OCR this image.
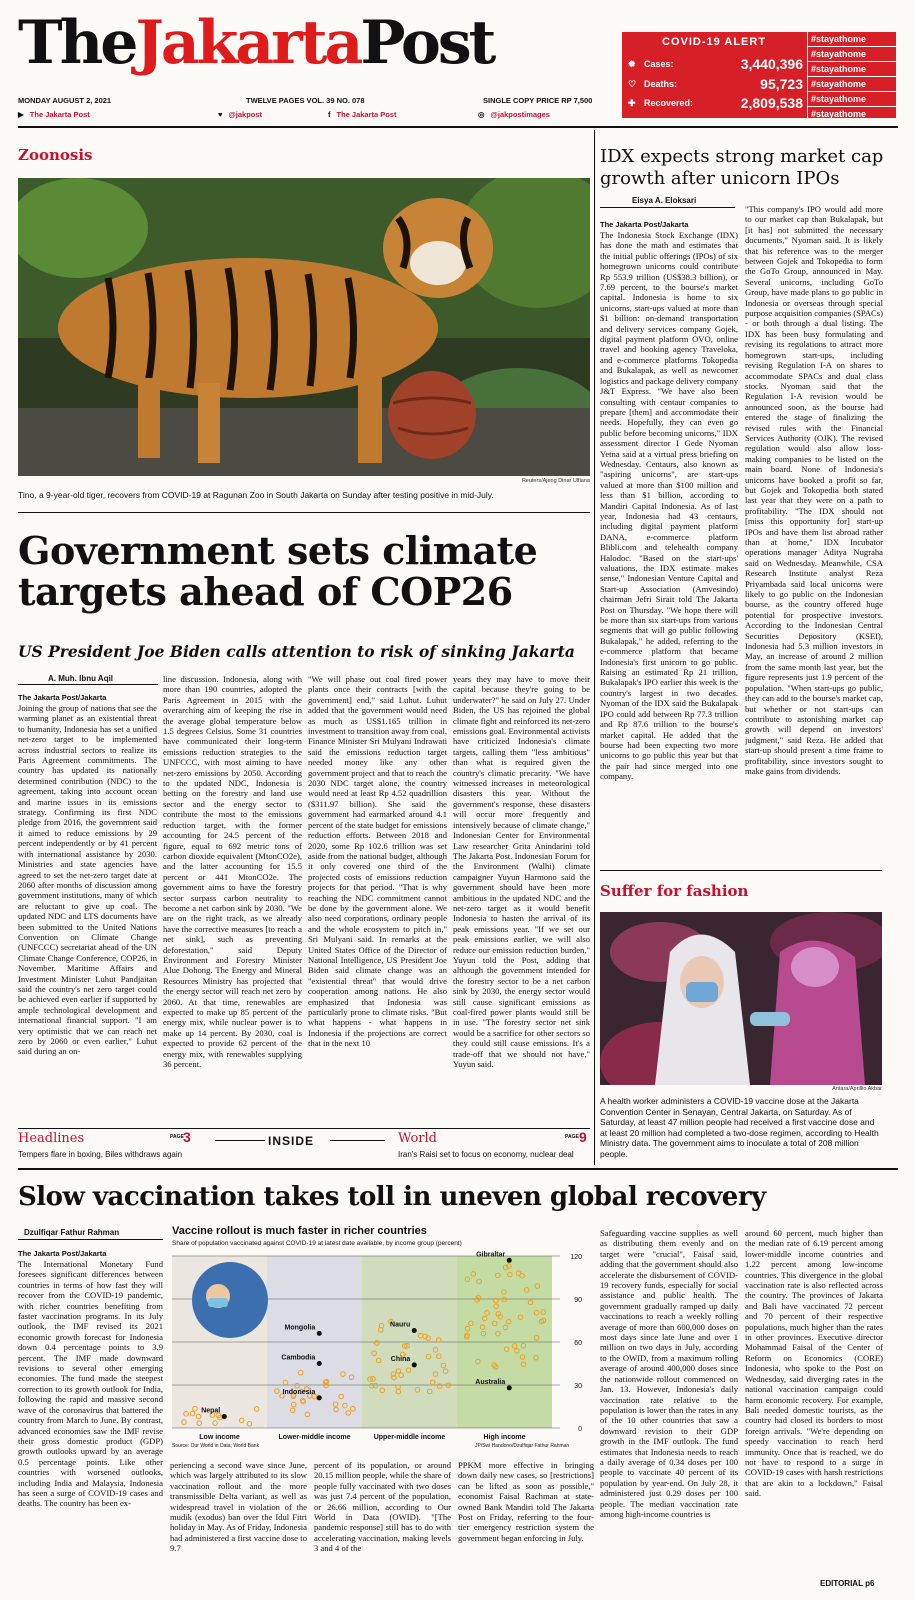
TheJakartaPost
MONDAY AUGUST 2, 2021	TWELVE PAGES VOL. 39 NO. 078	SINGLE COPY PRICE RP 7,500
▶ The Jakarta Post	♥ @jakpost	f The Jakarta Post	◎ @jakpostimages
COVID-19 ALERT
✹ Cases:	3,440,396
♡ Deaths:	95,723
✚ Recovered:	2,809,538
#stayathome
#stayathome
#stayathome
#stayathome
#stayathome
#stayathome
Zoonosis
Reuters/Ajeng Dinar Ulfiana
Tino, a 9-year-old tiger, recovers from COVID-19 at Ragunan Zoo in South Jakarta on Sunday after testing positive in mid-July.
Government sets climate
targets ahead of COP26
US President Joe Biden calls attention to risk of sinking Jakarta
A. Muh. Ibnu Aqil
The Jakarta Post/Jakarta

Joining the group of nations that see the warming planet as an existential threat to humanity, Indonesia has set a unified net-zero target to be implemented across industrial sectors to realize its Paris Agreement commitments. The country has updated its nationally determined contribution (NDC) to the agreement, taking into account ocean and marine issues in its emissions strategy. Confirming its first NDC pledge from 2016, the government said it aimed to reduce emissions by 29 percent independently or by 41 percent with international assistance by 2030. Ministries and state agencies have agreed to set the net-zero target date at 2060 after months of discussion among government institutions, many of which are reluctant to give up coal. The updated NDC and LTS documents have been submitted to the United Nations Convention on Climate Change (UNFCCC) secretariat ahead of the UN Climate Change Conference, COP26, in November. Maritime Affairs and Investment Minister Luhut Pandjaitan said the country's net zero target could be achieved even earlier if supported by ample technological development and international financial support. "I am very optimistic that we can reach net zero by 2060 or even earlier," Luhut said during an on-

line discussion. Indonesia, along with more than 190 countries, adopted the Paris Agreement in 2015 with the overarching aim of keeping the rise in the average global temperature below 1.5 degrees Celsius. Some 31 countries have communicated their long-term emissions reduction strategies to the UNFCCC, with most aiming to have net-zero emissions by 2050. According to the updated NDC, Indonesia is betting on the forestry and land use sector and the energy sector to contribute the most to the emissions reduction target, with the former accounting for 24.5 percent of the figure, equal to 692 metric tons of carbon dioxide equivalent (MtonCO2e), and the latter accounting for 15.5 percent or 441 MtonCO2e. The government aims to have the forestry sector surpass carbon neutrality to become a net carbon sink by 2030. "We are on the right track, as we already have the corrective measures [to reach a net sink], such as preventing deforestation," said Deputy Environment and Forestry Minister Alue Dohong. The Energy and Mineral Resources Ministry has projected that the energy sector will reach net zero by 2060. At that time, renewables are expected to make up 85 percent of the energy mix, while nuclear power is to make up 14 percent. By 2030, coal is expected to provide 62 percent of the energy mix, with renewables supplying 36 percent.

"We will phase out coal fired power plants once their contracts [with the government] end," said Luhut. Luhut added that the government would need as much as US$1.165 trillion in investment to transition away from coal. Finance Minister Sri Mulyani Indrawati said the emissions reduction target needed money like any other government project and that to reach the 2030 NDC target alone, the country would need at least Rp 4.52 quadrillion ($311.97 billion). She said the government had earmarked around 4.1 percent of the state budget for emissions reduction efforts. Between 2018 and 2020, some Rp 102.6 trillion was set aside from the national budget, although it only covered one third of the projected costs of emissions reduction projects for that period. "That is why reaching the NDC commitment cannot be done by the government alone. We also need corporations, ordinary people and the whole ecosystem to pitch in," Sri Mulyani said. In remarks at the United States Office of the Director of National Intelligence, US President Joe Biden said climate change was an "existential threat" that would drive cooperation among nations. He also emphasized that Indonesia was particularly prone to climate risks. "But what happens - what happens in Indonesia if the projections are correct that in the next 10

years they may have to move their capital because they're going to be underwater?" he said on July 27. Under Biden, the US has rejoined the global climate fight and reinforced its net-zero emissions goal. Environmental activists have criticized Indonesia's climate targets, calling them "less ambitious" than what is required given the country's climatic precarity. "We have witnessed increases in meteorological disasters this year. Without the government's response, these disasters will occur more frequently and intensively because of climate change," Indonesian Center for Environmental Law researcher Grita Anindarini told The Jakarta Post. Indonesian Forum for the Environment (Walhi) climate campaigner Yuyun Harmono said the government should have been more ambitious in the updated NDC and the net-zero target as it would benefit Indonesia to hasten the arrival of its peak emissions year. "If we set our peak emissions earlier, we will also reduce our emission reduction burden," Yuyun told the Post, adding that although the government intended for the forestry sector to be a net carbon sink by 2030, the energy sector would still cause significant emissions as coal-fired power plants would still be in use. "The forestry sector net sink would be a sacrifice for other sectors so they could still cause emissions. It's a trade-off that we should not have," Yuyun said.

Headlines	PAGE 3
Tempers flare in boxing, Biles withdraws again
INSIDE	World	PAGE 9
Iran's Raisi set to focus on economy, nuclear deal
IDX expects strong market cap growth after unicorn IPOs
Eisya A. Eloksari
The Jakarta Post/Jakarta

The Indonesia Stock Exchange (IDX) has done the math and estimates that the initial public offerings (IPOs) of six homegrown unicorns could contribute Rp 553.9 trillion (US$38.3 billion), or 7.69 percent, to the bourse's market capital. Indonesia is home to six unicorns, start-ups valued at more than $1 billion: on-demand transportation and delivery services company Gojek, digital payment platform OVO, online travel and booking agency Traveloka, and e-commerce platforms Tokopedia and Bukalapak, as well as newcomer logistics and package delivery company J&T Express. "We have also been consulting with centaur companies to prepare [them] and accommodate their needs. Hopefully, they can even go public before becoming unicorns," IDX assessment director I Gede Nyoman Yetna said at a virtual press briefing on Wednesday. Centaurs, also known as "aspiring unicorns", are start-ups valued at more than $100 million and less than $1 billion, according to Mandiri Capital Indonesia. As of last year, Indonesia had 43 centaurs, including digital payment platform DANA, e-commerce platform Blibli.com and telehealth company Halodoc. "Based on the start-ups' valuations, the IDX estimate makes sense," Indonesian Venture Capital and Start-up Association (Amvesindo) chairman Jefri Sirait told The Jakarta Post on Thursday. "We hope there will be more than six start-ups from various segments that will go public following Bukalapak," he added, referring to the e-commerce platform that became Indonesia's first unicorn to go public. Raising an estimated Rp 21 trillion, Bukalapak's IPO earlier this week is the country's largest in two decades. Nyoman of the IDX said the Bukalapak IPO could add between Rp 77.3 trillion and Rp 87.6 trillion to the bourse's market capital. He added that the bourse had been expecting two more unicorns to go public this year but that the pair had since merged into one company.

"This company's IPO would add more to our market cap than Bukalapak, but [it has] not submitted the necessary documents," Nyoman said. It is likely that his reference was to the merger between Gojek and Tokopedia to form the GoTo Group, announced in May. Several unicorns, including GoTo Group, have made plans to go public in Indonesia or overseas through special purpose acquisition companies (SPACs) - or both through a dual listing. The IDX has been busy formulating and revising its regulations to attract more homegrown start-ups, including revising Regulation I-A on shares to accommodate SPACs and dual class stocks. Nyoman said that the Regulation I-A revision would be announced soon, as the bourse had entered the stage of finalizing the revised rules with the Financial Services Authority (OJK). The revised regulation would also allow loss-making companies to be listed on the main board. None of Indonesia's unicorns have booked a profit so far, but Gojek and Tokopedia both stated last year that they were on a path to profitability. "The IDX should not [miss this opportunity for] start-up IPOs and have them list abroad rather than at home," IDX Incubator operations manager Aditya Nugraha said on Wednesday. Meanwhile, CSA Research Institute analyst Reza Priyambada said local unicorns were likely to go public on the Indonesian bourse, as the country offered huge potential for prospective investors. According to the Indonesian Central Securities Depository (KSEI), Indonesia had 5.3 million investors in May, an increase of around 2 million from the same month last year, but the figure represents just 1.9 percent of the population. "When start-ups go public, they can add to the bourse's market cap, but whether or not start-ups can contribute to astonishing market cap growth will depend on investors' judgment," said Reza. He added that start-up should present a time frame to profitability, since investors sought to make gains from dividends.

Suffer for fashion
Antara/Aprillio Akbar
A health worker administers a COVID-19 vaccine dose at the Jakarta Convention Center in Senayan, Central Jakarta, on Saturday. As of Saturday, at least 47 million people had received a first vaccine dose and at least 20 million had completed a two-dose regimen, according to Health Ministry data. The government aims to inoculate a total of 208 million people.
Slow vaccination takes toll in uneven global recovery
Dzulfiqar Fathur Rahman
The Jakarta Post/Jakarta

The International Monetary Fund foresees significant differences between countries in terms of how fast they will recover from the COVID-19 pandemic, with richer countries benefiting from faster vaccination programs. In its July outlook, the IMF revised its 2021 economic growth forecast for Indonesia down 0.4 percentage points to 3.9 percent. The IMF made downward revisions to several other emerging economies. The fund made the steepest correction to its growth outlook for India, following the rapid and massive second wave of the coronavirus that battered the country from March to June. By contrast, advanced economies saw the IMF revise their gross domestic product (GDP) growth outlooks upward by an average 0.5 percentage points. Like other countries with worsened outlooks, including India and Malaysia, Indonesia has seen a surge of COVID-19 cases and deaths. The country has been ex-

periencing a second wave since June, which was largely attributed to its slow vaccination rollout and the more transmissible Delta variant, as well as widespread travel in violation of the mudik (exodus) ban over the Idul Fitri holiday in May. As of Friday, Indonesia had administered a first vaccine dose to 9.7

percent of its population, or around 20.15 million people, while the share of people fully vaccinated with two doses was just 7.4 percent of the population, or 26.66 million, according to Our World in Data (OWID). "[The pandemic response] still has to do with accelerating vaccination, making levels 3 and 4 of the

PPKM more effective in bringing down daily new cases, so [restrictions] can be lifted as soon as possible," economist Faisal Rachman at state-owned Bank Mandiri told The Jakarta Post on Friday, referring to the four-tier emergency restriction system the government began enforcing in July.

Safeguarding vaccine supplies as well as distributing them evenly and on target were "crucial", Faisal said, adding that the government should also accelerate the disbursement of COVID-19 recovery funds, especially for social assistance and public health. The government gradually ramped up daily vaccinations to reach a weekly rolling average of more than 600,000 doses on most days since late June and over 1 million on two days in July, according to the OWID, from a maximum rolling average of around 400,000 doses since the nationwide rollout commenced on Jan. 13. However, Indonesia's daily vaccination rate relative to the population is lower than the rates in any of the 10 other countries that saw a downward revision to their GDP growth in the IMF outlook. The fund estimates that Indonesia needs to reach a daily average of 0.34 doses per 100 people to vaccinate 40 percent of its population by year-end. On July 28, it administered just 0.29 doses per 100 people. The median vaccination rate among high-income countries is

around 60 percent, much higher than the median rate of 6.19 percent among lower-middle income countries and 1.22 percent among low-income countries. This divergence in the global vaccination rate is also reflected across the country. The provinces of Jakarta and Bali have vaccinated 72 percent and 70 percent of their respective populations, much higher than the rates in other provinces. Executive director Mohammad Faisal of the Center of Reform on Economics (CORE) Indonesia, who spoke to the Post on Wednesday, said diverging rates in the national vaccination campaign could harm economic recovery. For example, Bali needed domestic tourists, as the country had closed its borders to most foreign arrivals. "We're depending on speedy vaccination to reach herd immunity. Once that is reached, we do not have to respond to a surge in COVID-19 cases with harsh restrictions that are akin to a lockdown," Faisal said.

Vaccine rollout is much faster in richer countries
Share of population vaccinated against COVID-19 at latest date available, by income group (percent)
Low income	Lower-middle income	Upper-middle income	High income
0
30
60
90
120
Nepal
Indonesia
Cambodia
Mongolia
China
Nauru
Australia
Gibraltar
Source: Our World in Data; World Bank	JP/Swi Handono/Dzulfiqar Fathur Rahman
EDITORIAL p6
